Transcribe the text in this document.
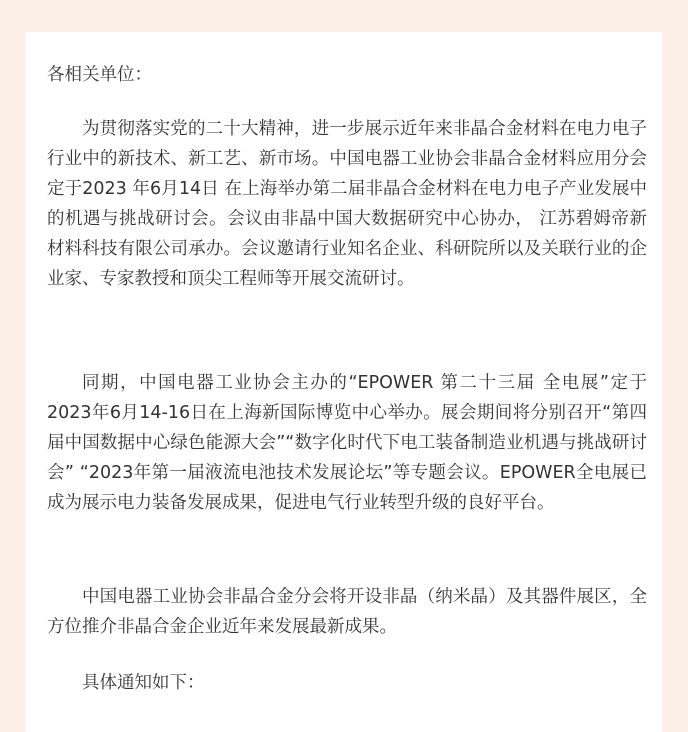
各相关单位：

为贯彻落实党的二十大精神，进一步展示近年来非晶合金材料在电力电子行业中的新技术、新工艺、新市场。中国电器工业协会非晶合金材料应用分会定于2023 年6月14日 在上海举办第二届非晶合金材料在电力电子产业发展中的机遇与挑战研讨会。会议由非晶中国大数据研究中心协办， 江苏碧姆帝新材料科技有限公司承办。会议邀请行业知名企业、科研院所以及关联行业的企业家、专家教授和顶尖工程师等开展交流研讨。

同期，中国电器工业协会主办的“EPOWER 第二十三届 全电展”定于2023年6月14-16日在上海新国际博览中心举办。展会期间将分别召开“第四届中国数据中心绿色能源大会”“数字化时代下电工装备制造业机遇与挑战研讨会” “2023年第一届液流电池技术发展论坛”等专题会议。EPOWER全电展已成为展示电力装备发展成果，促进电气行业转型升级的良好平台。

中国电器工业协会非晶合金分会将开设非晶（纳米晶）及其器件展区，全方位推介非晶合金企业近年来发展最新成果。

具体通知如下：
